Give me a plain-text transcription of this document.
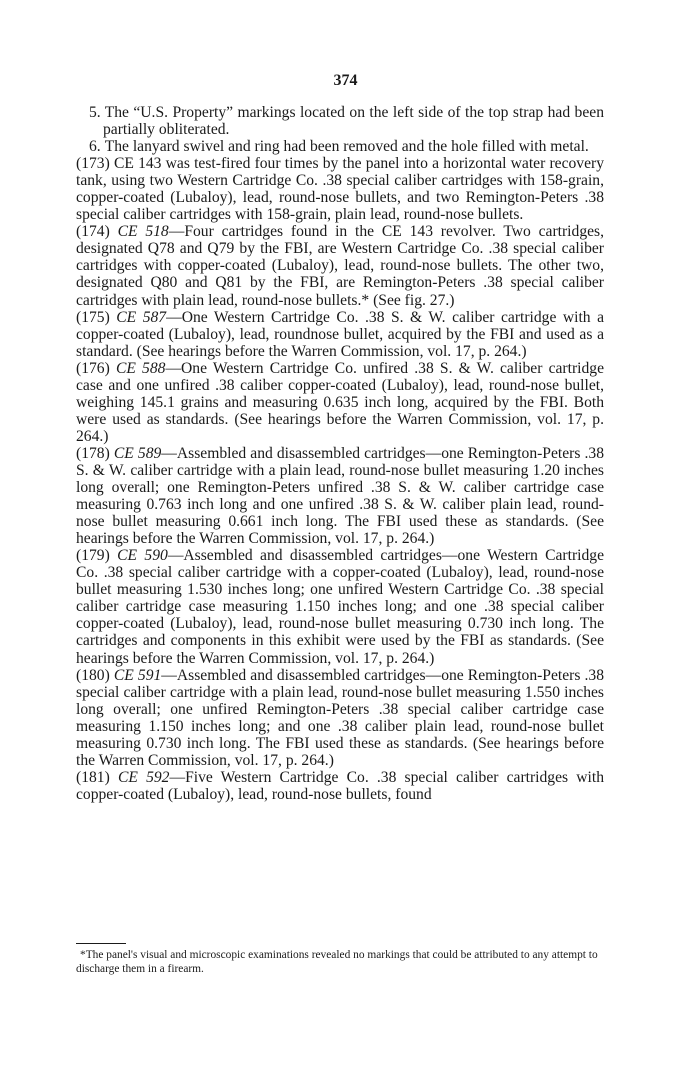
374

5. The “U.S. Property” markings located on the left side of the top strap had been partially obliterated.

6. The lanyard swivel and ring had been removed and the hole filled with metal.

(173) CE 143 was test-fired four times by the panel into a horizontal water recovery tank, using two Western Cartridge Co. .38 special caliber cartridges with 158-grain, copper-coated (Lubaloy), lead, round-nose bullets, and two Remington-Peters .38 special caliber cartridges with 158-grain, plain lead, round-nose bullets.

(174) CE 518—Four cartridges found in the CE 143 revolver. Two cartridges, designated Q78 and Q79 by the FBI, are Western Cartridge Co. .38 special caliber cartridges with copper-coated (Lubaloy), lead, round-nose bullets. The other two, designated Q80 and Q81 by the FBI, are Remington-Peters .38 special caliber cartridges with plain lead, round-nose bullets.* (See fig. 27.)

(175) CE 587—One Western Cartridge Co. .38 S. & W. caliber cartridge with a copper-coated (Lubaloy), lead, roundnose bullet, acquired by the FBI and used as a standard. (See hearings before the Warren Commission, vol. 17, p. 264.)

(176) CE 588—One Western Cartridge Co. unfired .38 S. & W. caliber cartridge case and one unfired .38 caliber copper-coated (Lubaloy), lead, round-nose bullet, weighing 145.1 grains and measuring 0.635 inch long, acquired by the FBI. Both were used as standards. (See hearings before the Warren Commission, vol. 17, p. 264.)

(178) CE 589—Assembled and disassembled cartridges—one Remington-Peters .38 S. & W. caliber cartridge with a plain lead, round-nose bullet measuring 1.20 inches long overall; one Remington-Peters unfired .38 S. & W. caliber cartridge case measuring 0.763 inch long and one unfired .38 S. & W. caliber plain lead, round-nose bullet measuring 0.661 inch long. The FBI used these as standards. (See hearings before the Warren Commission, vol. 17, p. 264.)

(179) CE 590—Assembled and disassembled cartridges—one Western Cartridge Co. .38 special caliber cartridge with a copper-coated (Lubaloy), lead, round-nose bullet measuring 1.530 inches long; one unfired Western Cartridge Co. .38 special caliber cartridge case measuring 1.150 inches long; and one .38 special caliber copper-coated (Lubaloy), lead, round-nose bullet measuring 0.730 inch long. The cartridges and components in this exhibit were used by the FBI as standards. (See hearings before the Warren Commission, vol. 17, p. 264.)

(180) CE 591—Assembled and disassembled cartridges—one Remington-Peters .38 special caliber cartridge with a plain lead, round-nose bullet measuring 1.550 inches long overall; one unfired Remington-Peters .38 special caliber cartridge case measuring 1.150 inches long; and one .38 caliber plain lead, round-nose bullet measuring 0.730 inch long. The FBI used these as standards. (See hearings before the Warren Commission, vol. 17, p. 264.)

(181) CE 592—Five Western Cartridge Co. .38 special caliber cartridges with copper-coated (Lubaloy), lead, round-nose bullets, found

*The panel's visual and microscopic examinations revealed no markings that could be attributed to any attempt to discharge them in a firearm.
